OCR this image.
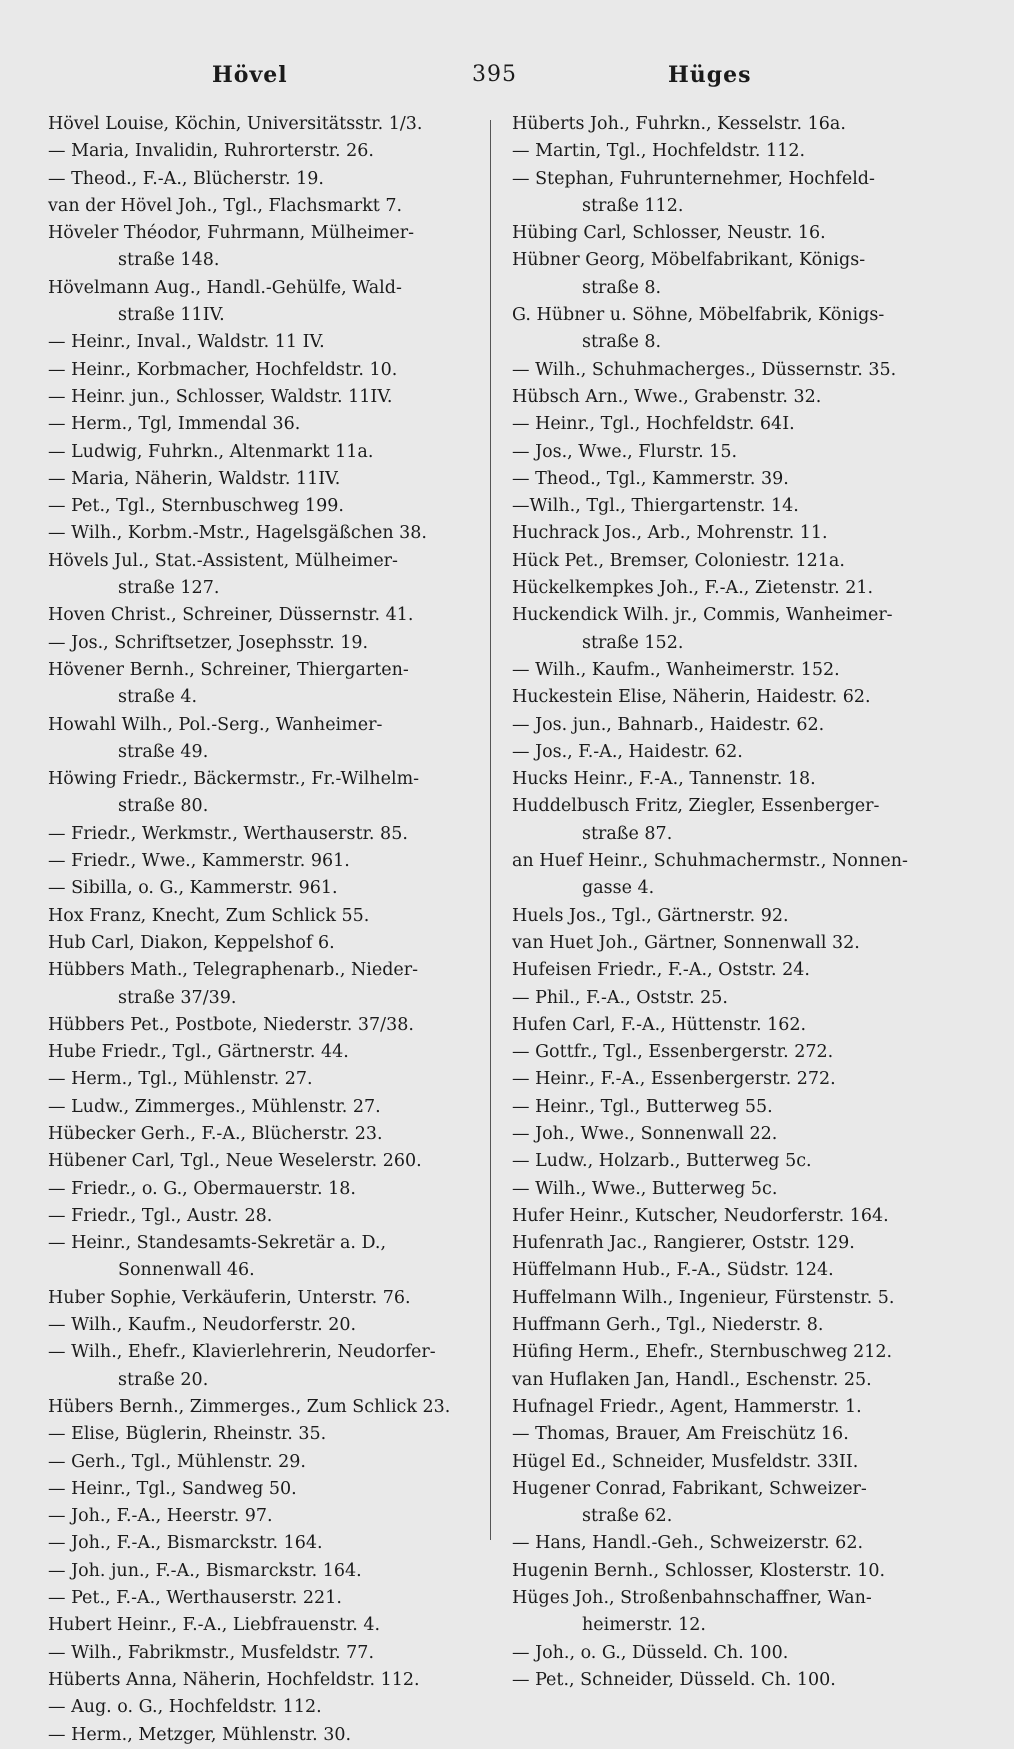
Hövel	395	Hüges
Hövel Louise, Köchin, Universitätsstr. 1/3.
— Maria, Invalidin, Ruhrorterstr. 26.
— Theod., F.-A., Blücherstr. 19.
van der Hövel Joh., Tgl., Flachsmarkt 7.
Höveler Théodor, Fuhrmann, Mülheimer-
straße 148.
Hövelmann Aug., Handl.-Gehülfe, Wald-
straße 11IV.
— Heinr., Inval., Waldstr. 11 IV.
— Heinr., Korbmacher, Hochfeldstr. 10.
— Heinr. jun., Schlosser, Waldstr. 11IV.
— Herm., Tgl, Immendal 36.
— Ludwig, Fuhrkn., Altenmarkt 11a.
— Maria, Näherin, Waldstr. 11IV.
— Pet., Tgl., Sternbuschweg 199.
— Wilh., Korbm.-Mstr., Hagelsgäßchen 38.
Hövels Jul., Stat.-Assistent, Mülheimer-
straße 127.
Hoven Christ., Schreiner, Düssernstr. 41.
— Jos., Schriftsetzer, Josephsstr. 19.
Hövener Bernh., Schreiner, Thiergarten-
straße 4.
Howahl Wilh., Pol.-Serg., Wanheimer-
straße 49.
Höwing Friedr., Bäckermstr., Fr.-Wilhelm-
straße 80.
— Friedr., Werkmstr., Werthauserstr. 85.
— Friedr., Wwe., Kammerstr. 961.
— Sibilla, o. G., Kammerstr. 961.
Hox Franz, Knecht, Zum Schlick 55.
Hub Carl, Diakon, Keppelshof 6.
Hübbers Math., Telegraphenarb., Nieder-
straße 37/39.
Hübbers Pet., Postbote, Niederstr. 37/38.
Hube Friedr., Tgl., Gärtnerstr. 44.
— Herm., Tgl., Mühlenstr. 27.
— Ludw., Zimmerges., Mühlenstr. 27.
Hübecker Gerh., F.-A., Blücherstr. 23.
Hübener Carl, Tgl., Neue Weselerstr. 260.
— Friedr., o. G., Obermauerstr. 18.
— Friedr., Tgl., Austr. 28.
— Heinr., Standesamts-Sekretär a. D.,
Sonnenwall 46.
Huber Sophie, Verkäuferin, Unterstr. 76.
— Wilh., Kaufm., Neudorferstr. 20.
— Wilh., Ehefr., Klavierlehrerin, Neudorfer-
straße 20.
Hübers Bernh., Zimmerges., Zum Schlick 23.
— Elise, Büglerin, Rheinstr. 35.
— Gerh., Tgl., Mühlenstr. 29.
— Heinr., Tgl., Sandweg 50.
— Joh., F.-A., Heerstr. 97.
— Joh., F.-A., Bismarckstr. 164.
— Joh. jun., F.-A., Bismarckstr. 164.
— Pet., F.-A., Werthauserstr. 221.
Hubert Heinr., F.-A., Liebfrauenstr. 4.
— Wilh., Fabrikmstr., Musfeldstr. 77.
Hüberts Anna, Näherin, Hochfeldstr. 112.
— Aug. o. G., Hochfeldstr. 112.
— Herm., Metzger, Mühlenstr. 30.
Hüberts Joh., Fuhrkn., Kesselstr. 16a.
— Martin, Tgl., Hochfeldstr. 112.
— Stephan, Fuhrunternehmer, Hochfeld-
straße 112.
Hübing Carl, Schlosser, Neustr. 16.
Hübner Georg, Möbelfabrikant, Königs-
straße 8.
G. Hübner u. Söhne, Möbelfabrik, Königs-
straße 8.
— Wilh., Schuhmacherges., Düssernstr. 35.
Hübsch Arn., Wwe., Grabenstr. 32.
— Heinr., Tgl., Hochfeldstr. 64I.
— Jos., Wwe., Flurstr. 15.
— Theod., Tgl., Kammerstr. 39.
—Wilh., Tgl., Thiergartenstr. 14.
Huchrack Jos., Arb., Mohrenstr. 11.
Hück Pet., Bremser, Coloniestr. 121a.
Hückelkempkes Joh., F.-A., Zietenstr. 21.
Huckendick Wilh. jr., Commis, Wanheimer-
straße 152.
— Wilh., Kaufm., Wanheimerstr. 152.
Huckestein Elise, Näherin, Haidestr. 62.
— Jos. jun., Bahnarb., Haidestr. 62.
— Jos., F.-A., Haidestr. 62.
Hucks Heinr., F.-A., Tannenstr. 18.
Huddelbusch Fritz, Ziegler, Essenberger-
straße 87.
an Huef Heinr., Schuhmachermstr., Nonnen-
gasse 4.
Huels Jos., Tgl., Gärtnerstr. 92.
van Huet Joh., Gärtner, Sonnenwall 32.
Hufeisen Friedr., F.-A., Oststr. 24.
— Phil., F.-A., Oststr. 25.
Hufen Carl, F.-A., Hüttenstr. 162.
— Gottfr., Tgl., Essenbergerstr. 272.
— Heinr., F.-A., Essenbergerstr. 272.
— Heinr., Tgl., Butterweg 55.
— Joh., Wwe., Sonnenwall 22.
— Ludw., Holzarb., Butterweg 5c.
— Wilh., Wwe., Butterweg 5c.
Hufer Heinr., Kutscher, Neudorferstr. 164.
Hufenrath Jac., Rangierer, Oststr. 129.
Hüffelmann Hub., F.-A., Südstr. 124.
Huffelmann Wilh., Ingenieur, Fürstenstr. 5.
Huffmann Gerh., Tgl., Niederstr. 8.
Hüfing Herm., Ehefr., Sternbuschweg 212.
van Huflaken Jan, Handl., Eschenstr. 25.
Hufnagel Friedr., Agent, Hammerstr. 1.
— Thomas, Brauer, Am Freischütz 16.
Hügel Ed., Schneider, Musfeldstr. 33II.
Hugener Conrad, Fabrikant, Schweizer-
straße 62.
— Hans, Handl.-Geh., Schweizerstr. 62.
Hugenin Bernh., Schlosser, Klosterstr. 10.
Hüges Joh., Stroßenbahnschaffner, Wan-
heimerstr. 12.
— Joh., o. G., Düsseld. Ch. 100.
— Pet., Schneider, Düsseld. Ch. 100.
